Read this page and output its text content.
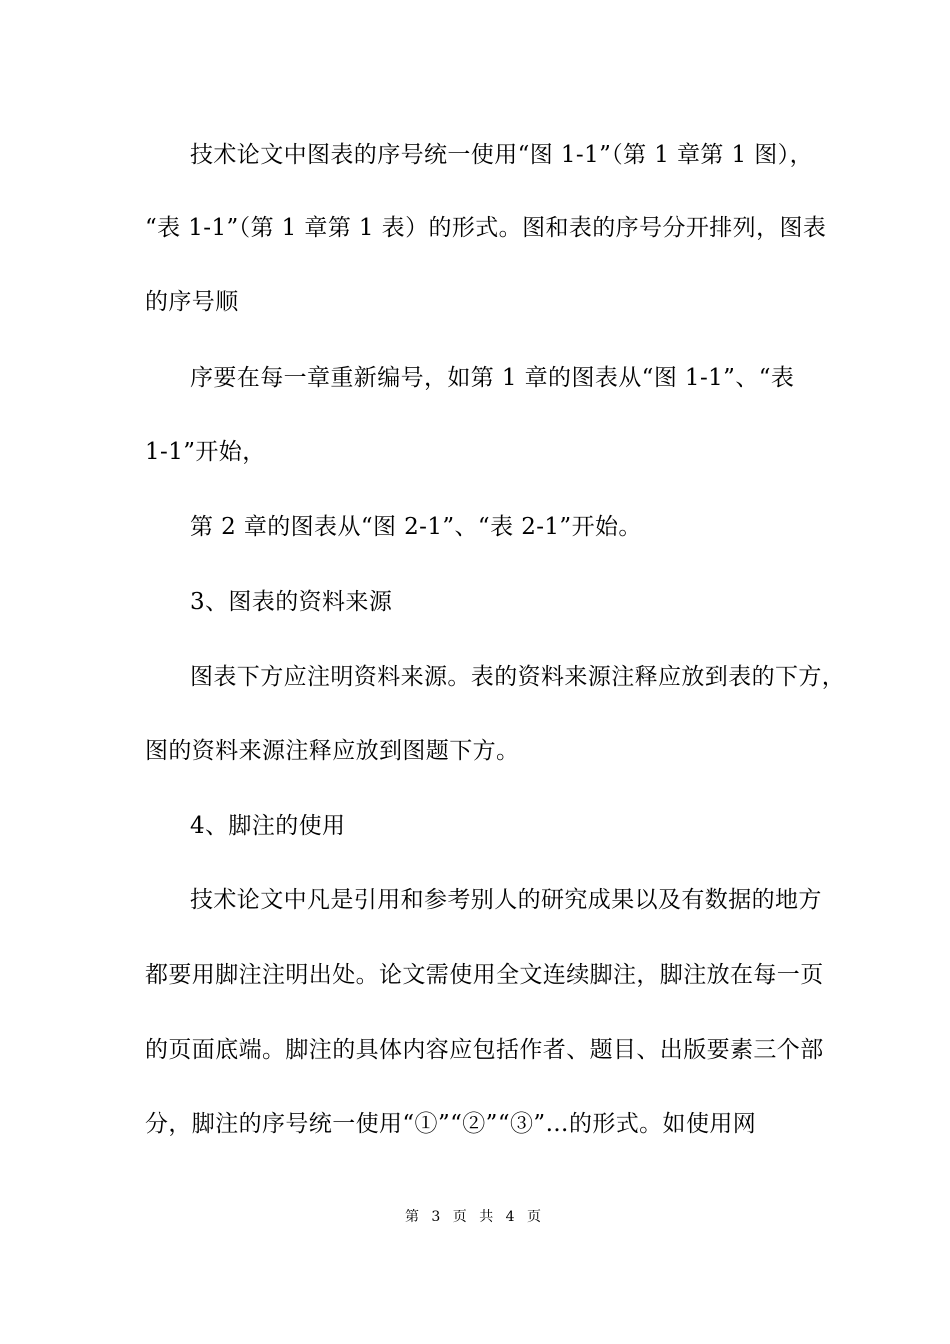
技术论文中图表的序号统一使用“图 1-1”（第 1 章第 1 图），
“表 1-1”（第 1 章第 1 表）的形式。图和表的序号分开排列，图表
的序号顺
序要在每一章重新编号，如第 1 章的图表从“图 1-1”、“表
1-1”开始，
第 2 章的图表从“图 2-1”、“表 2-1”开始。
3、图表的资料来源
图表下方应注明资料来源。表的资料来源注释应放到表的下方，
图的资料来源注释应放到图题下方。
4、脚注的使用
技术论文中凡是引用和参考别人的研究成果以及有数据的地方
都要用脚注注明出处。论文需使用全文连续脚注，脚注放在每一页
的页面底端。脚注的具体内容应包括作者、题目、出版要素三个部
分，脚注的序号统一使用“①”“②”“③”…的形式。如使用网
第 3 页 共 4 页
